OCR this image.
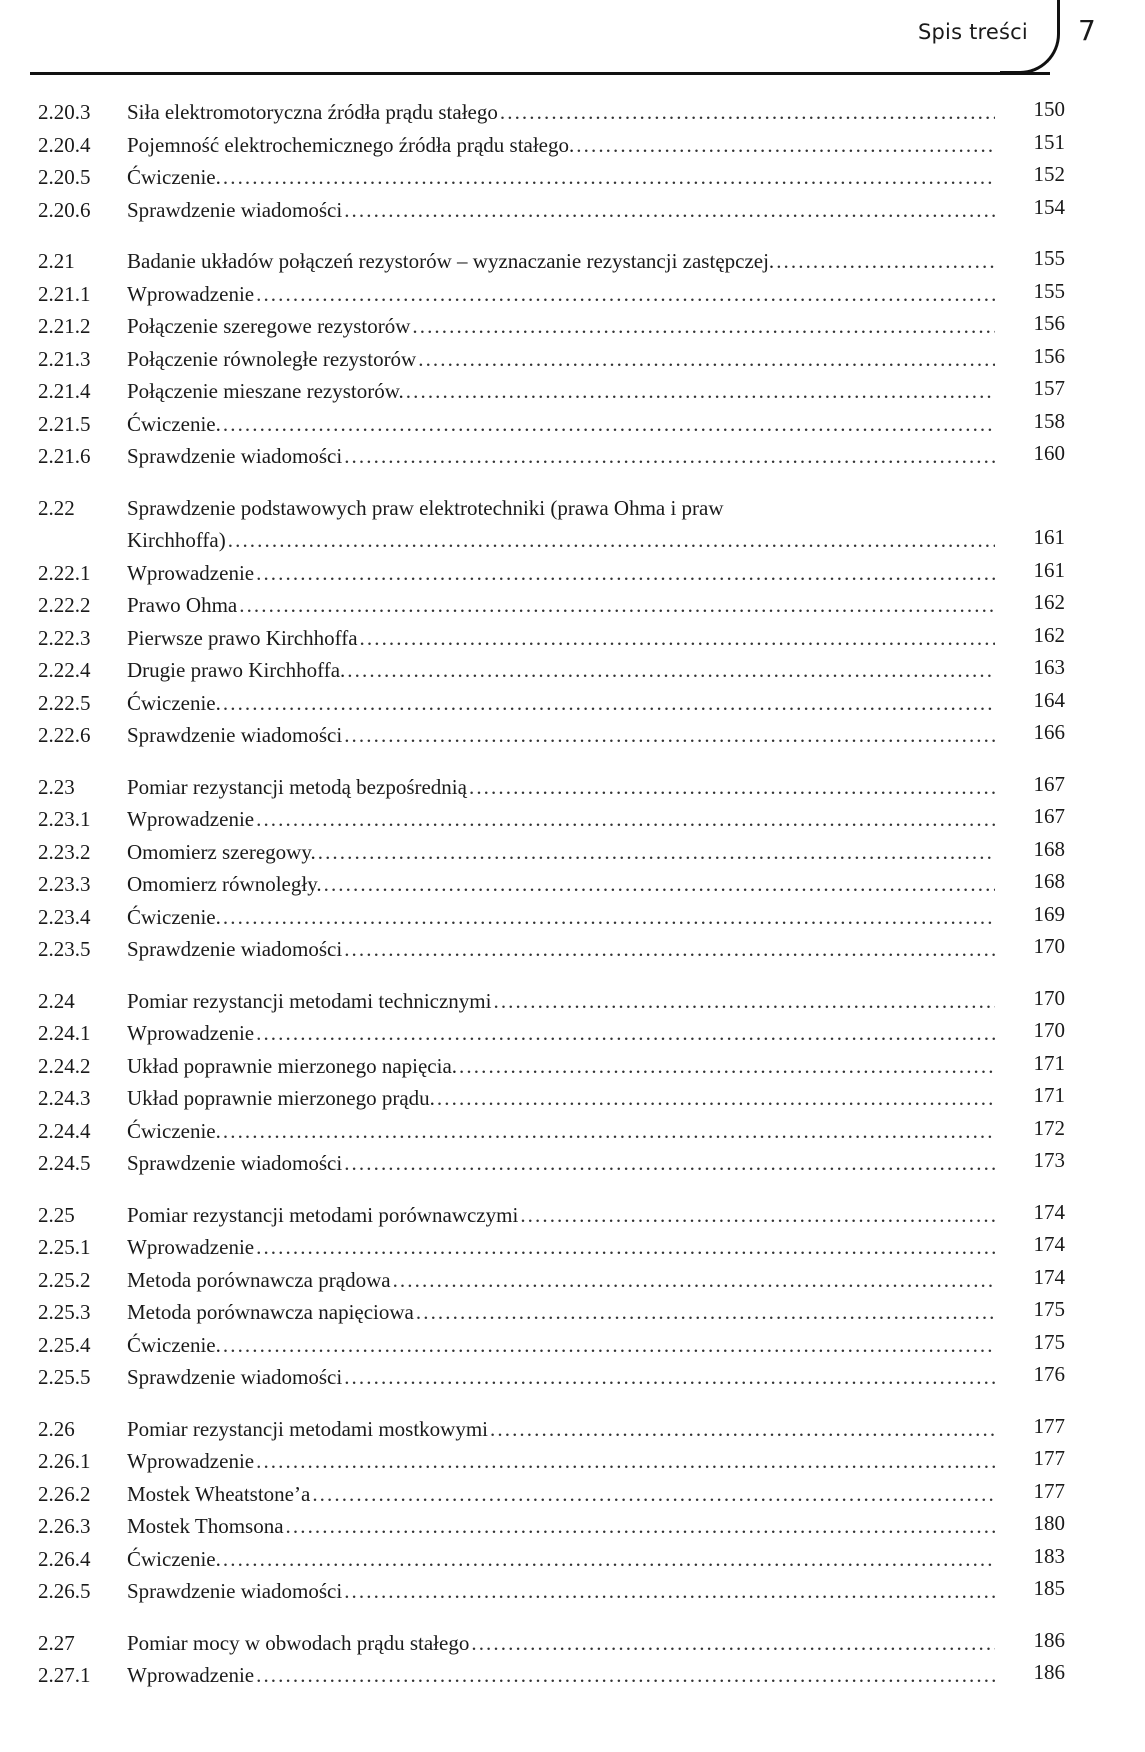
Spis treści 7
2.20.3	Siła elektromotoryczna źródła prądu stałego .....	150
2.20.4	Pojemność elektrochemicznego źródła prądu stałego. .....	151
2.20.5	Ćwiczenie. .....	152
2.20.6	Sprawdzenie wiadomości .....	154
2.21	Badanie układów połączeń rezystorów – wyznaczanie rezystancji zastępczej. .....	155
2.21.1	Wprowadzenie .....	155
2.21.2	Połączenie szeregowe rezystorów .....	156
2.21.3	Połączenie równoległe rezystorów .....	156
2.21.4	Połączenie mieszane rezystorów. .....	157
2.21.5	Ćwiczenie. .....	158
2.21.6	Sprawdzenie wiadomości .....	160
2.22	Sprawdzenie podstawowych praw elektrotechniki (prawa Ohma i praw
Kirchhoffa) .....	161
2.22.1	Wprowadzenie .....	161
2.22.2	Prawo Ohma .....	162
2.22.3	Pierwsze prawo Kirchhoffa .....	162
2.22.4	Drugie prawo Kirchhoffa. .....	163
2.22.5	Ćwiczenie. .....	164
2.22.6	Sprawdzenie wiadomości .....	166
2.23	Pomiar rezystancji metodą bezpośrednią .....	167
2.23.1	Wprowadzenie .....	167
2.23.2	Omomierz szeregowy. .....	168
2.23.3	Omomierz równoległy. .....	168
2.23.4	Ćwiczenie. .....	169
2.23.5	Sprawdzenie wiadomości .....	170
2.24	Pomiar rezystancji metodami technicznymi .....	170
2.24.1	Wprowadzenie .....	170
2.24.2	Układ poprawnie mierzonego napięcia. .....	171
2.24.3	Układ poprawnie mierzonego prądu. .....	171
2.24.4	Ćwiczenie. .....	172
2.24.5	Sprawdzenie wiadomości .....	173
2.25	Pomiar rezystancji metodami porównawczymi .....	174
2.25.1	Wprowadzenie .....	174
2.25.2	Metoda porównawcza prądowa .....	174
2.25.3	Metoda porównawcza napięciowa .....	175
2.25.4	Ćwiczenie. .....	175
2.25.5	Sprawdzenie wiadomości .....	176
2.26	Pomiar rezystancji metodami mostkowymi .....	177
2.26.1	Wprowadzenie .....	177
2.26.2	Mostek Wheatstone’a .....	177
2.26.3	Mostek Thomsona .....	180
2.26.4	Ćwiczenie. .....	183
2.26.5	Sprawdzenie wiadomości .....	185
2.27	Pomiar mocy w obwodach prądu stałego .....	186
2.27.1	Wprowadzenie .....	186
